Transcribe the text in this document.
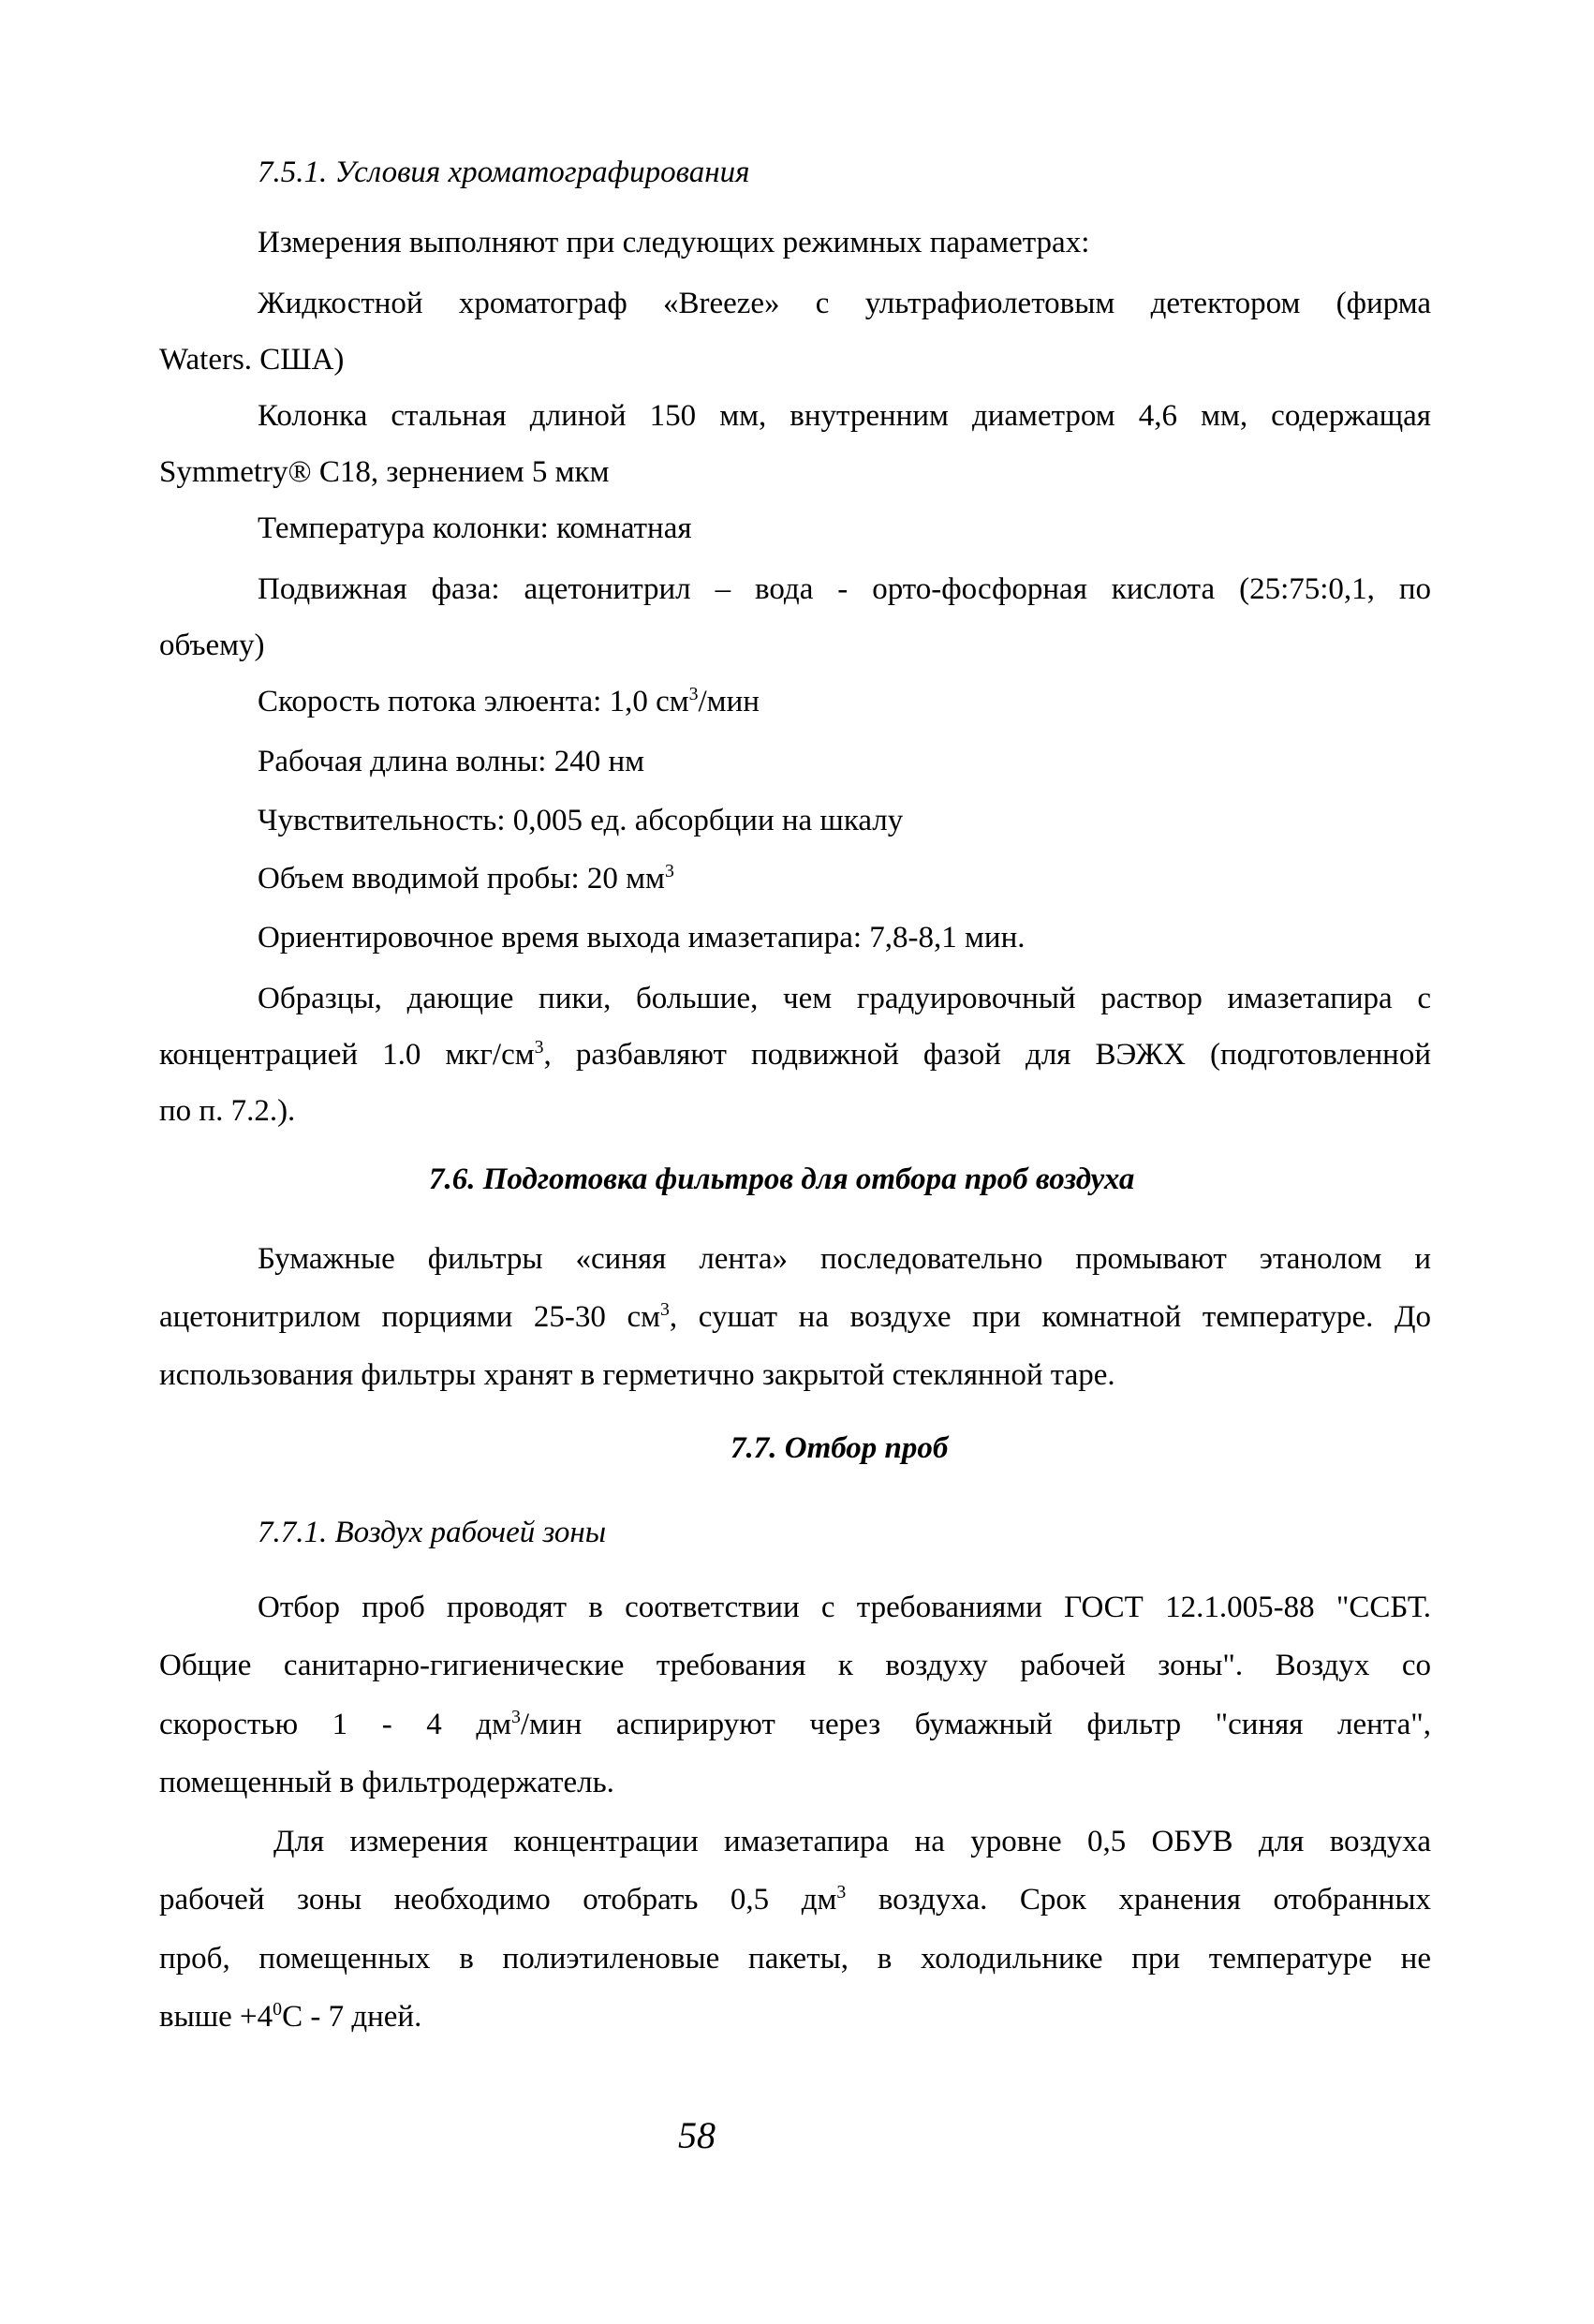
7.5.1. Условия хроматографирования
Измерения выполняют при следующих режимных параметрах:
Жидкостной хроматограф «Breeze» с ультрафиолетовым детектором (фирма
Waters. США)
Колонка стальная длиной 150 мм, внутренним диаметром 4,6 мм, содержащая
Symmetry® C18, зернением 5 мкм
Температура колонки: комнатная
Подвижная фаза: ацетонитрил – вода - орто-фосфорная кислота (25:75:0,1, по
объему)
Скорость потока элюента: 1,0 $см^3$/мин
Рабочая длина волны: 240 нм
Чувствительность: 0,005 ед. абсорбции на шкалу
Объем вводимой пробы: 20 $мм^3$
Ориентировочное время выхода имазетапира: 7,8-8,1 мин.
Образцы, дающие пики, большие, чем градуировочный раствор имазетапира с
концентрацией 1.0 мкг/$см^3$, разбавляют подвижной фазой для ВЭЖХ (подготовленной
по п. 7.2.).
7.6. Подготовка фильтров для отбора проб воздуха
Бумажные фильтры «синяя лента» последовательно промывают этанолом и
ацетонитрилом порциями 25-30 $см^3$, сушат на воздухе при комнатной температуре. До
использования фильтры хранят в герметично закрытой стеклянной таре.
7.7. Отбор проб
7.7.1. Воздух рабочей зоны
Отбор проб проводят в соответствии с требованиями ГОСТ 12.1.005-88 "ССБТ.
Общие санитарно-гигиенические требования к воздуху рабочей зоны". Воздух со
скоростью 1 - 4 $дм^3$/мин аспирируют через бумажный фильтр "синяя лента",
помещенный в фильтродержатель.
Для измерения концентрации имазетапира на уровне 0,5 ОБУВ для воздуха
рабочей зоны необходимо отобрать 0,5 $дм^3$ воздуха. Срок хранения отобранных
проб, помещенных в полиэтиленовые пакеты, в холодильнике при температуре не
выше $+4^0С - 7$ дней.
58
